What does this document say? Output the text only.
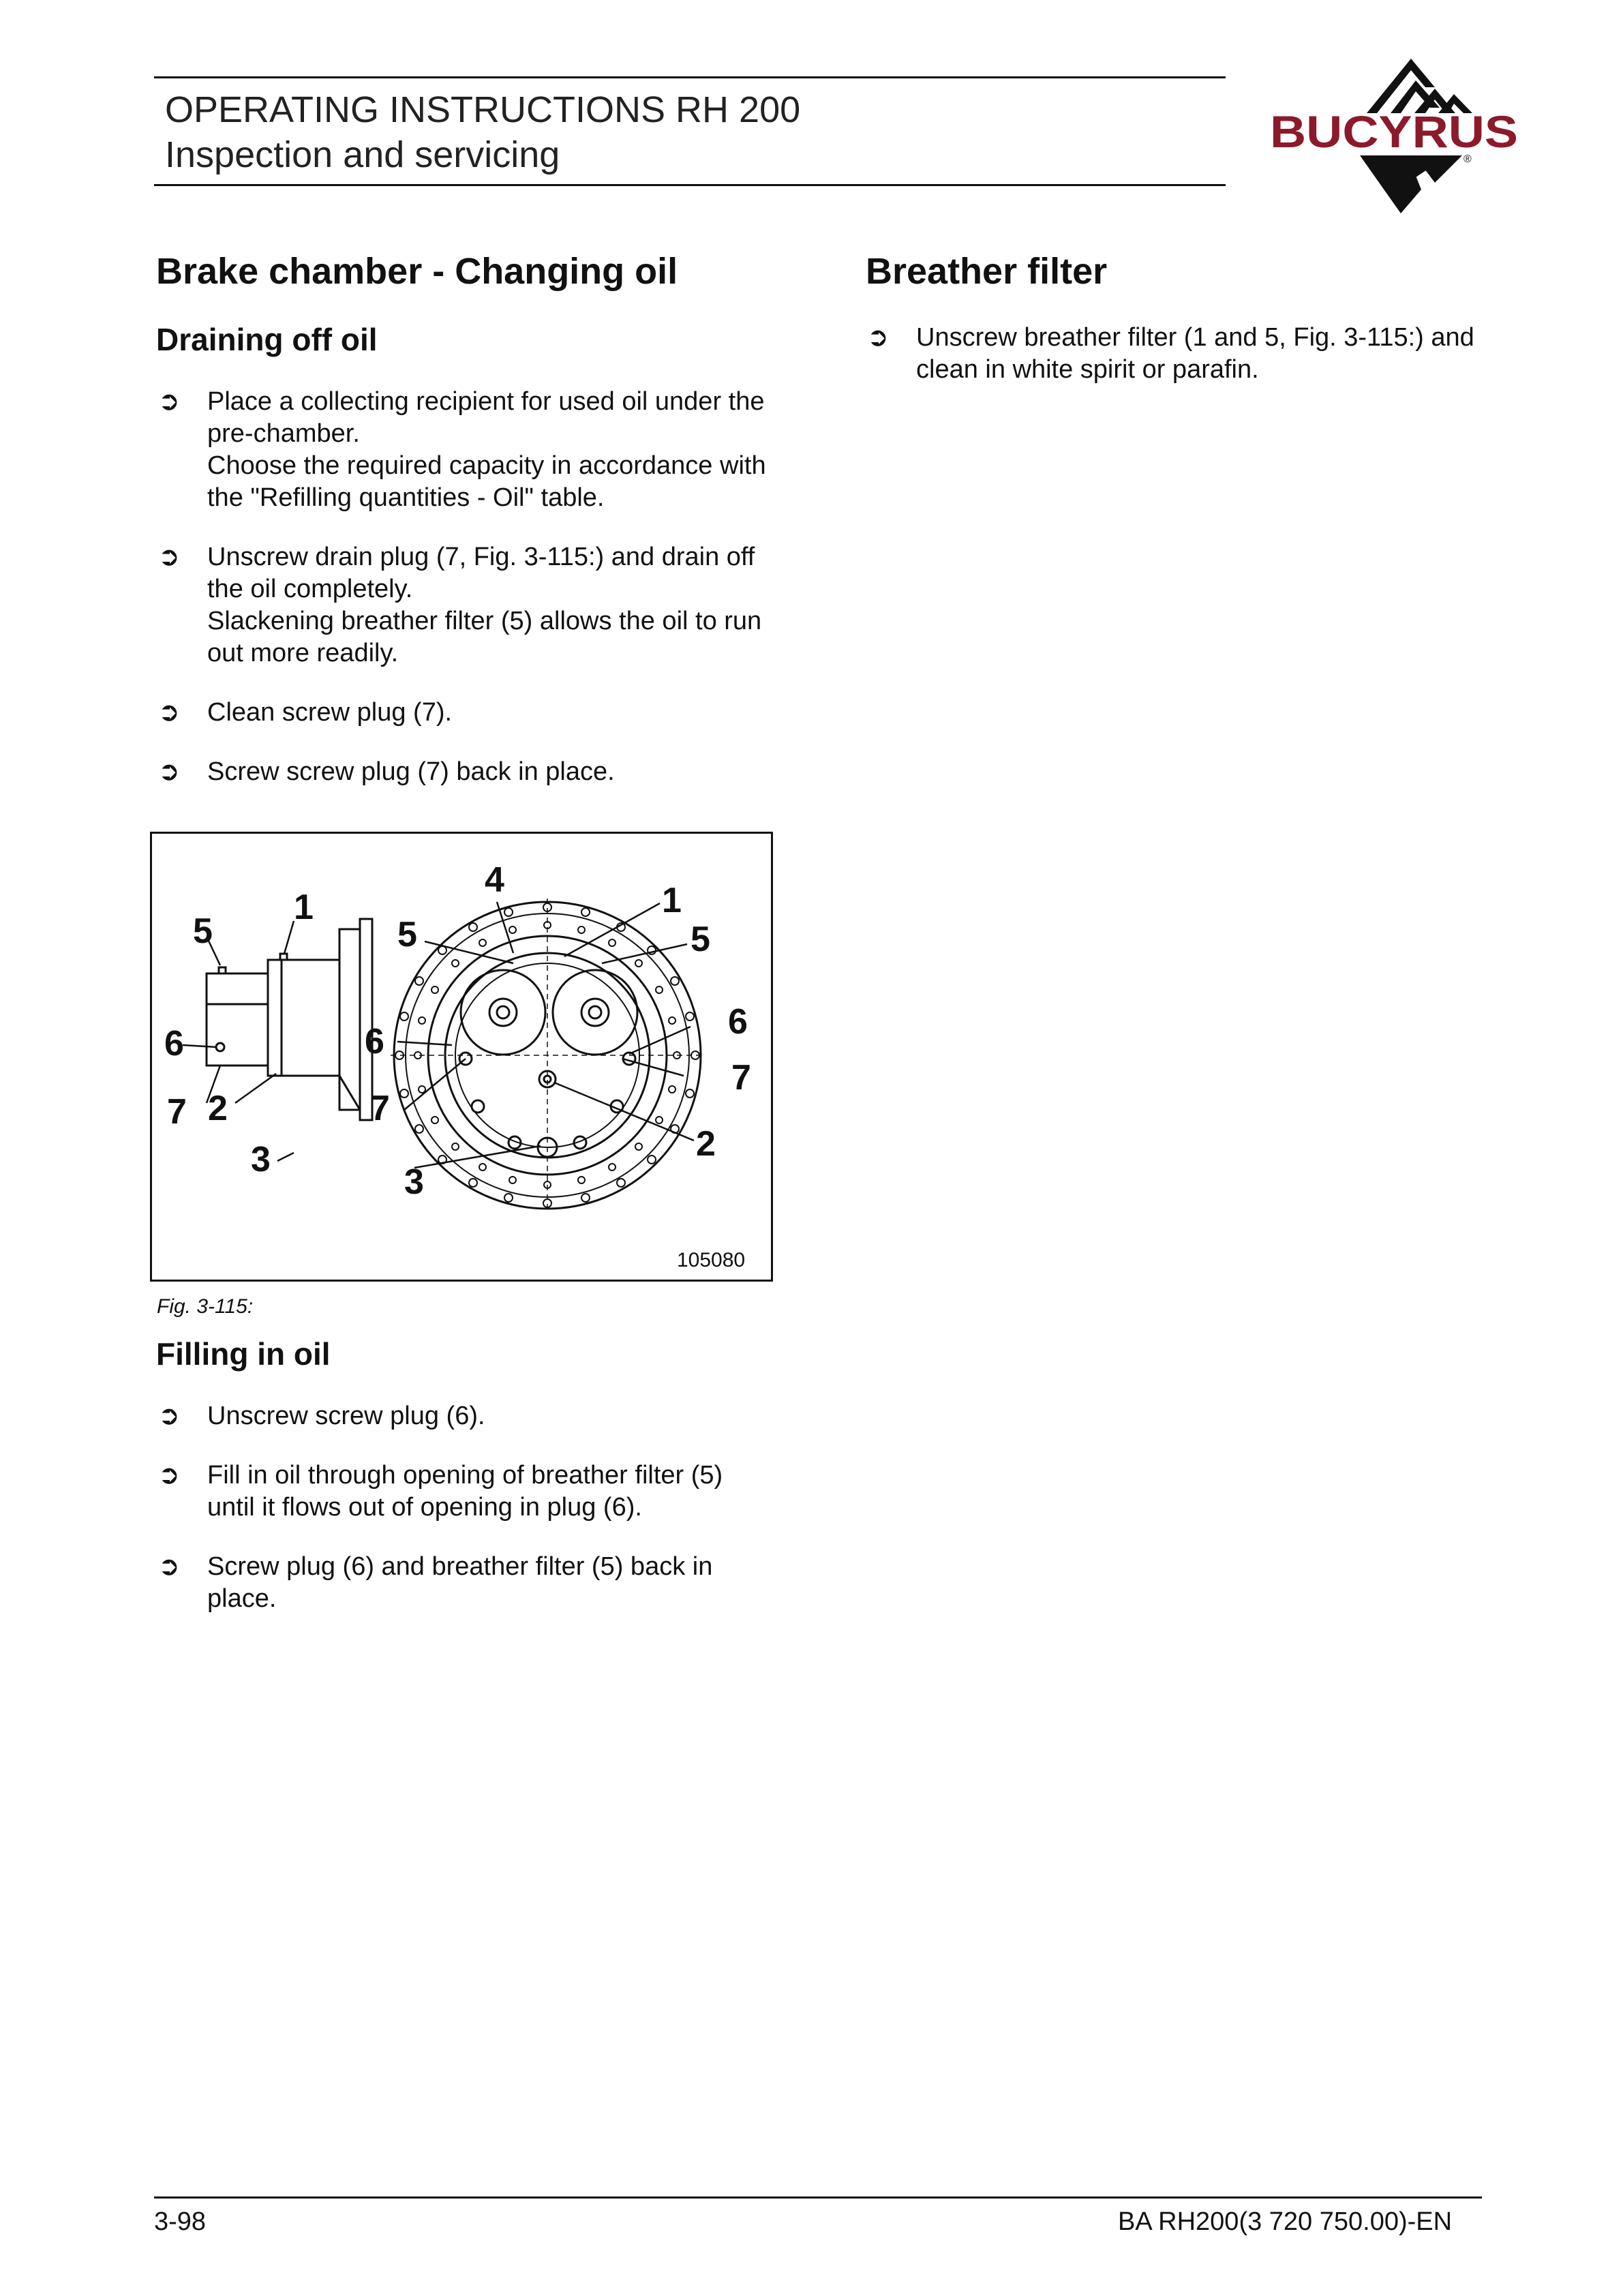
OPERATING INSTRUCTIONS RH 200
Inspection and servicing	BUCYRUS
®
Brake chamber - Changing oil
Draining off oil
➲ Place a collecting recipient for used oil under the pre-chamber.
Choose the required capacity in accordance with the "Refilling quantities - Oil" table.
➲ Unscrew drain plug (7, Fig. 3-115:) and drain off the oil completely.
Slackening breather filter (5) allows the oil to run out more readily.
➲ Clean screw plug (7).
➲ Screw screw plug (7) back in place.
5
1
6
7 2
3
4
1
5	5
6	6
7
7
2
3
105080
Fig. 3-115:
Filling in oil
➲ Unscrew screw plug (6).
➲ Fill in oil through opening of breather filter (5) until it flows out of opening in plug (6).
➲ Screw plug (6) and breather filter (5) back in place.
Breather filter
➲ Unscrew breather filter (1 and 5, Fig. 3-115:) and clean in white spirit or parafin.
3-98	BA RH200(3 720 750.00)-EN
